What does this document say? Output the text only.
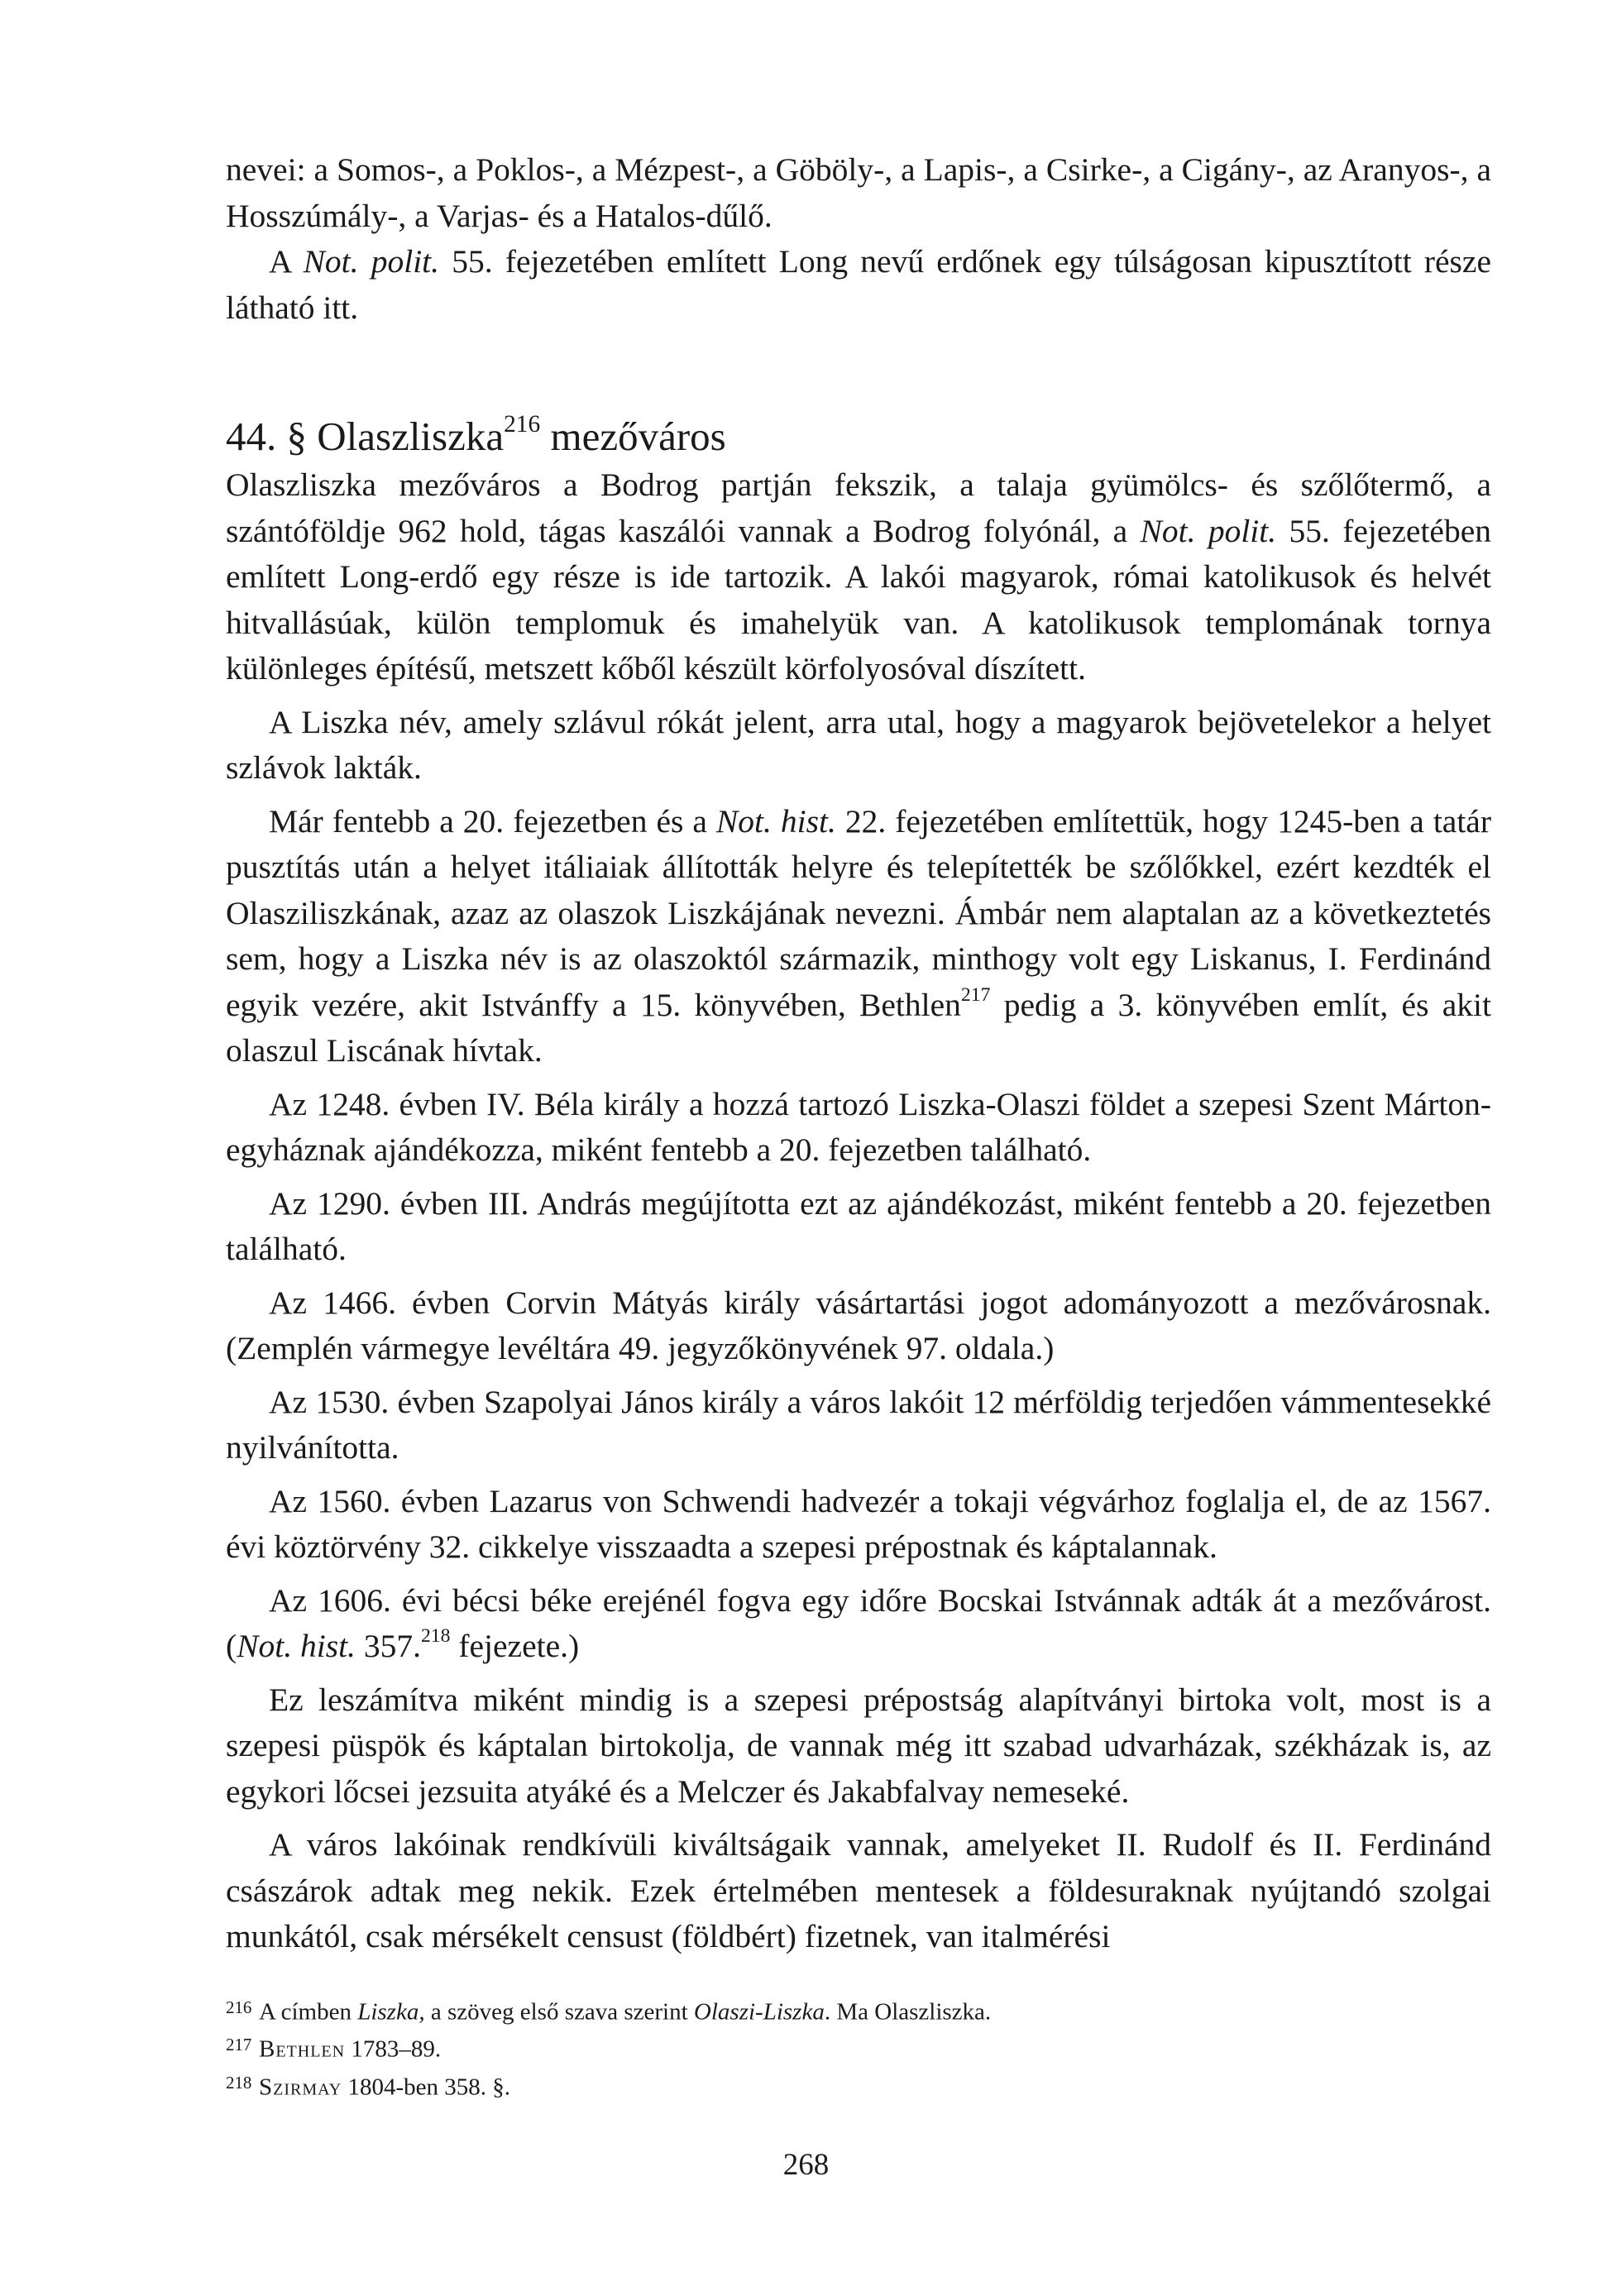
nevei: a Somos-, a Poklos-, a Mézpest-, a Göböly-, a Lapis-, a Csirke-, a Cigány-, az Aranyos-, a Hosszúmály-, a Varjas- és a Hatalos-dűlő.

A Not. polit. 55. fejezetében említett Long nevű erdőnek egy túlságosan kipusztított része látható itt.

44. § Olaszliszka$^{216}$ mezőváros

Olaszliszka mezőváros a Bodrog partján fekszik, a talaja gyümölcs- és szőlőtermő, a szántóföldje 962 hold, tágas kaszálói vannak a Bodrog folyónál, a Not. polit. 55. fejezetében említett Long-erdő egy része is ide tartozik. A lakói magyarok, római katolikusok és helvét hitvallásúak, külön templomuk és imahelyük van. A katolikusok templomának tornya különleges építésű, metszett kőből készült körfolyosóval díszített.

A Liszka név, amely szlávul rókát jelent, arra utal, hogy a magyarok bejövetelekor a helyet szlávok lakták.

Már fentebb a 20. fejezetben és a Not. hist. 22. fejezetében említettük, hogy 1245-ben a tatár pusztítás után a helyet itáliaiak állították helyre és telepítették be szőlőkkel, ezért kezdték el Olasziliszkának, azaz az olaszok Liszkájának nevezni. Ámbár nem alaptalan az a következtetés sem, hogy a Liszka név is az olaszoktól származik, minthogy volt egy Liskanus, I. Ferdinánd egyik vezére, akit Istvánffy a 15. könyvében, Bethlen$^{217}$ pedig a 3. könyvében említ, és akit olaszul Liscának hívtak.

Az 1248. évben IV. Béla király a hozzá tartozó Liszka-Olaszi földet a szepesi Szent Márton-egyháznak ajándékozza, miként fentebb a 20. fejezetben található.

Az 1290. évben III. András megújította ezt az ajándékozást, miként fentebb a 20. fejezetben található.

Az 1466. évben Corvin Mátyás király vásártartási jogot adományozott a mezővárosnak. (Zemplén vármegye levéltára 49. jegyzőkönyvének 97. oldala.)

Az 1530. évben Szapolyai János király a város lakóit 12 mérföldig terjedően vámmentesekké nyilvánította.

Az 1560. évben Lazarus von Schwendi hadvezér a tokaji végvárhoz foglalja el, de az 1567. évi köztörvény 32. cikkelye visszaadta a szepesi prépostnak és káptalannak.

Az 1606. évi bécsi béke erejénél fogva egy időre Bocskai Istvánnak adták át a mezővárost. (Not. hist. 357.$^{218}$ fejezete.)

Ez leszámítva miként mindig is a szepesi prépostság alapítványi birtoka volt, most is a szepesi püspök és káptalan birtokolja, de vannak még itt szabad udvarházak, székházak is, az egykori lőcsei jezsuita atyáké és a Melczer és Jakabfalvay nemeseké.

A város lakóinak rendkívüli kiváltságaik vannak, amelyeket II. Rudolf és II. Ferdinánd császárok adtak meg nekik. Ezek értelmében mentesek a földesuraknak nyújtandó szolgai munkától, csak mérsékelt censust (földbért) fizetnek, van italmérési

216 A címben Liszka, a szöveg első szava szerint Olaszi-Liszka. Ma Olaszliszka.

217 Bethlen 1783–89.

218 Szirmay 1804-ben 358. §.

268
